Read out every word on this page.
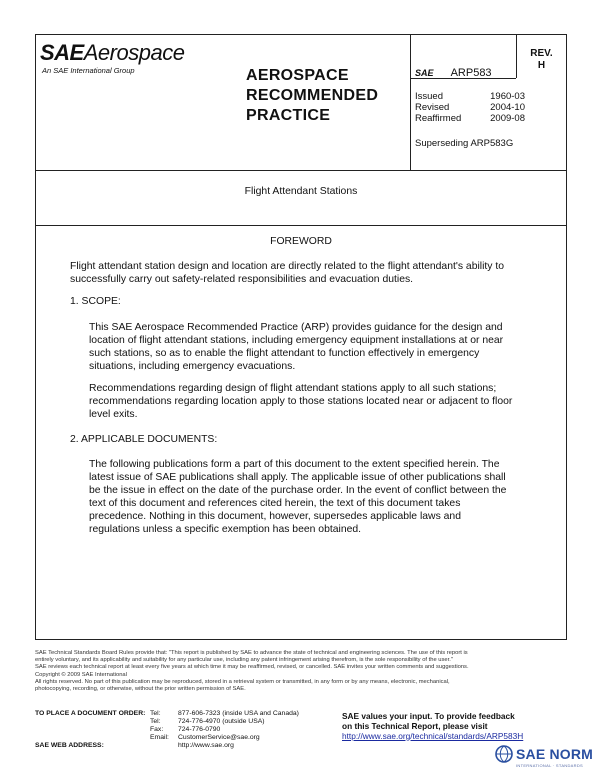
SAEAerospace
An SAE International Group	AEROSPACE
RECOMMENDED
PRACTICE
SAE ARP583
REV.
H
Issued	1960-03
Revised	2004-10
Reaffirmed	2009-08
Superseding ARP583G
Flight Attendant Stations
FOREWORD
Flight attendant station design and location are directly related to the flight attendant's ability to
successfully carry out safety-related responsibilities and evacuation duties.
1. SCOPE:
This SAE Aerospace Recommended Practice (ARP) provides guidance for the design and
location of flight attendant stations, including emergency equipment installations at or near
such stations, so as to enable the flight attendant to function effectively in emergency
situations, including emergency evacuations.
Recommendations regarding design of flight attendant stations apply to all such stations;
recommendations regarding location apply to those stations located near or adjacent to floor
level exits.
2. APPLICABLE DOCUMENTS:
The following publications form a part of this document to the extent specified herein. The
latest issue of SAE publications shall apply. The applicable issue of other publications shall
be the issue in effect on the date of the purchase order. In the event of conflict between the
text of this document and references cited herein, the text of this document takes
precedence. Nothing in this document, however, supersedes applicable laws and
regulations unless a specific exemption has been obtained.
SAE Technical Standards Board Rules provide that: "This report is published by SAE to advance the state of technical and engineering sciences. The use of this report is
entirely voluntary, and its applicability and suitability for any particular use, including any patent infringement arising therefrom, is the sole responsibility of the user."
SAE reviews each technical report at least every five years at which time it may be reaffirmed, revised, or cancelled. SAE invites your written comments and suggestions.
Copyright © 2009 SAE International
All rights reserved. No part of this publication may be reproduced, stored in a retrieval system or transmitted, in any form or by any means, electronic, mechanical,
photocopying, recording, or otherwise, without the prior written permission of SAE.
TO PLACE A DOCUMENT ORDER: Tel:	877-606-7323 (inside USA and Canada)
Tel:	724-776-4970 (outside USA)
Fax:	724-776-0790
Email:	CustomerService@sae.org
SAE WEB ADDRESS:	http://www.sae.org
SAE values your input. To provide feedback
on this Technical Report, please visit
http://www.sae.org/technical/standards/ARP583H
SAE NORM
INTERNATIONAL · STANDARDS
